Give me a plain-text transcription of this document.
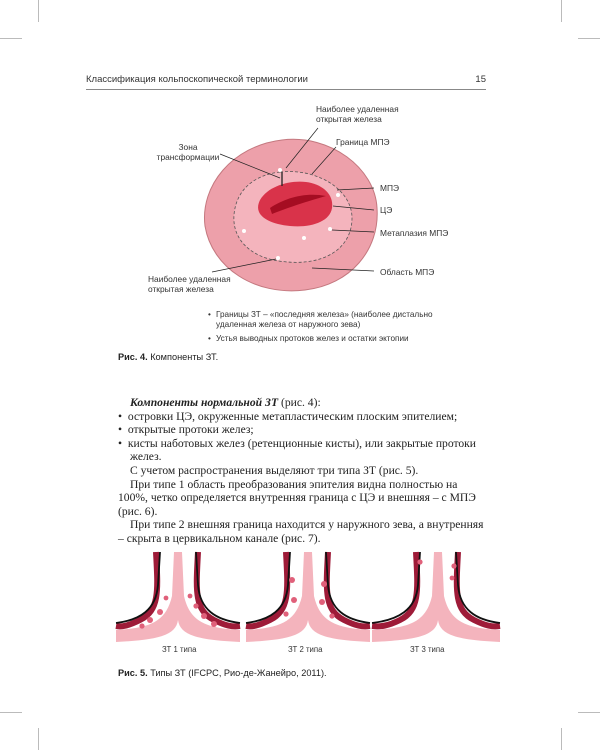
Классификация кольпоскопической терминологии	15
Наиболее удаленная
открытая железа
Граница МПЭ
Зона
трансформации
МПЭ
ЦЭ
Метаплазия МПЭ
Наиболее удаленная
открытая железа
Область МПЭ
• Границы ЗТ – «последняя железа» (наиболее дистально удаленная железа от наружного зева)
• Устья выводных протоков желез и остатки эктопии
Рис. 4. Компоненты ЗТ.

Компоненты нормальной ЗТ (рис. 4):

•  островки ЦЭ, окруженные метапластическим плоским эпителием;

•  открытые протоки желез;

•  кисты наботовых желез (ретенционные кисты), или закрытые протоки желез.

С учетом распространения выделяют три типа ЗТ (рис. 5).

При типе 1 область преобразования эпителия видна полностью на 100%, четко определяется внутренняя граница с ЦЭ и внешняя – с МПЭ (рис. 6).

При типе 2 внешняя граница находится у наружного зева, а внутренняя – скрыта в цервикальном канале (рис. 7).

ЗТ 1 типа	ЗТ 2 типа	ЗТ 3 типа
Рис. 5. Типы ЗТ (IFCPC, Рио-де-Жанейро, 2011).
